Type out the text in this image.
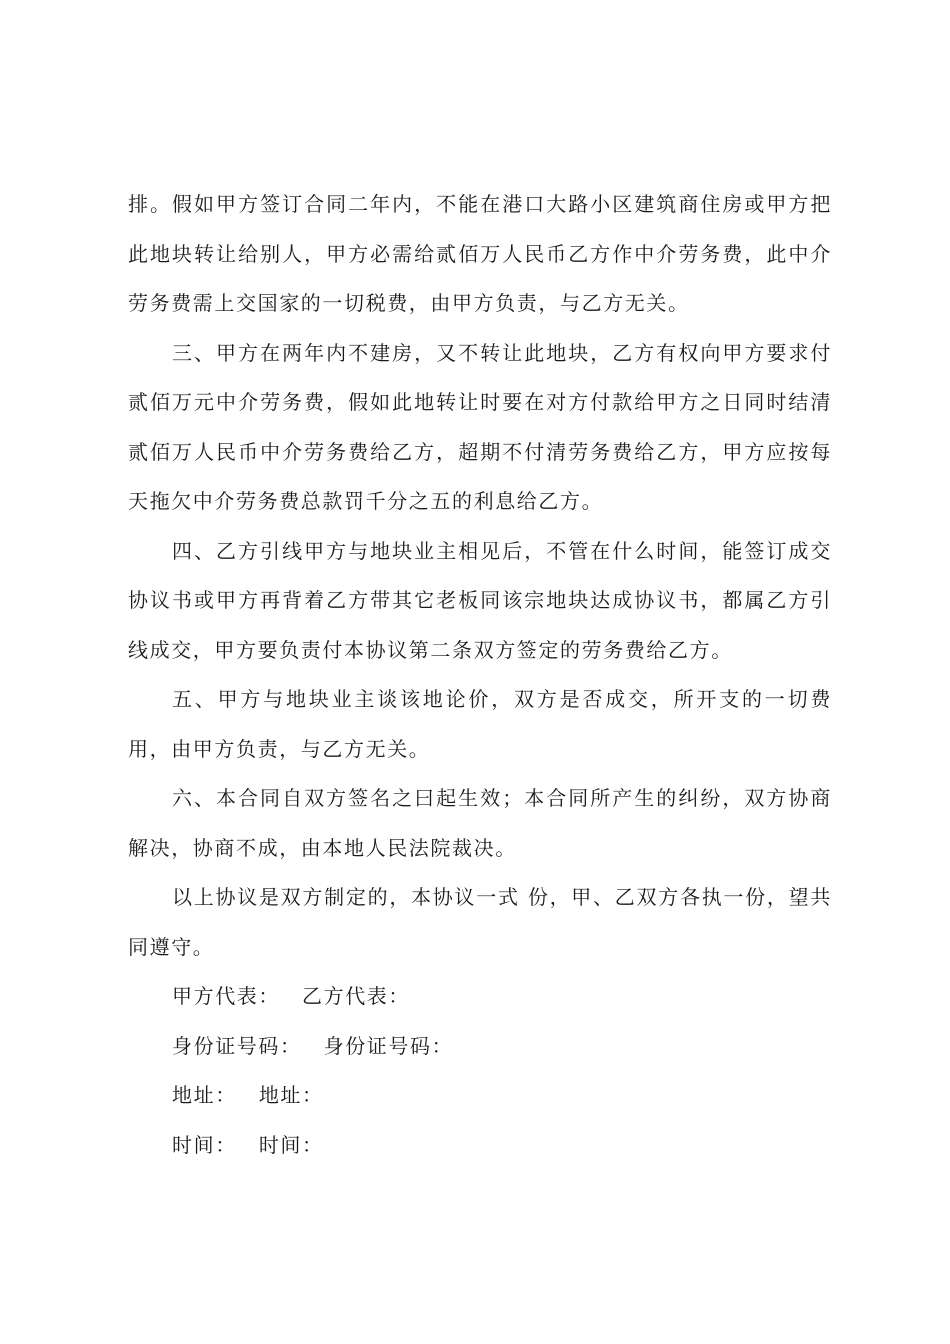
排。假如甲方签订合同二年内，不能在港口大路小区建筑商住房或甲方把此地块转让给别人，甲方必需给贰佰万人民币乙方作中介劳务费，此中介劳务费需上交国家的一切税费，由甲方负责，与乙方无关。

三、甲方在两年内不建房，又不转让此地块，乙方有权向甲方要求付贰佰万元中介劳务费，假如此地转让时要在对方付款给甲方之日同时结清贰佰万人民币中介劳务费给乙方，超期不付清劳务费给乙方，甲方应按每天拖欠中介劳务费总款罚千分之五的利息给乙方。

四、乙方引线甲方与地块业主相见后，不管在什么时间，能签订成交协议书或甲方再背着乙方带其它老板同该宗地块达成协议书，都属乙方引线成交，甲方要负责付本协议第二条双方签定的劳务费给乙方。

五、甲方与地块业主谈该地论价，双方是否成交，所开支的一切费用，由甲方负责，与乙方无关。

六、本合同自双方签名之曰起生效；本合同所产生的纠纷，双方协商解决，协商不成，由本地人民法院裁决。

以上协议是双方制定的，本协议一式 份，甲、乙双方各执一份，望共同遵守。

甲方代表： 乙方代表：
身份证号码： 身份证号码：
地址： 地址：
时间： 时间：
